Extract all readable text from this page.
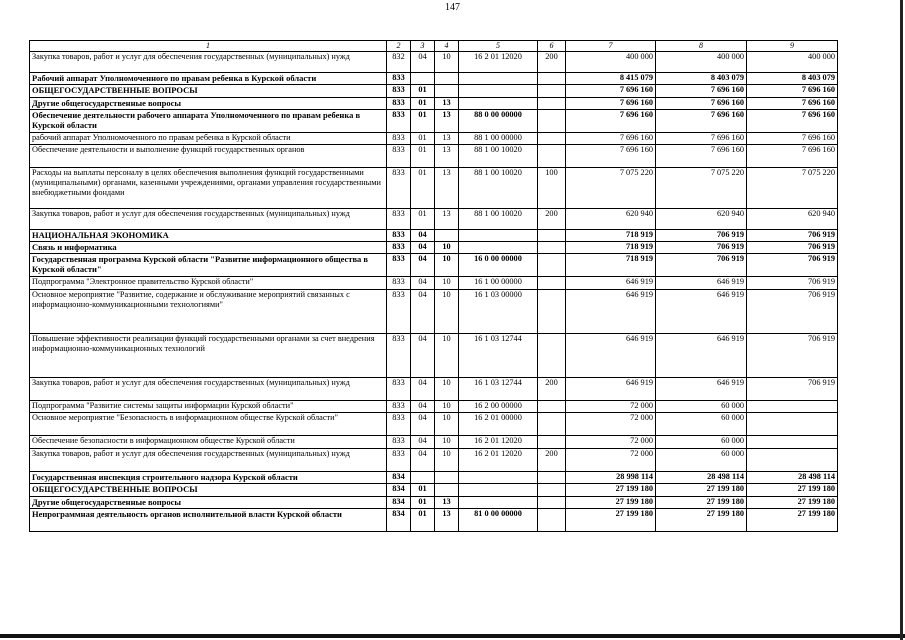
147
1	2	3	4	5	6	7	8	9
Закупка товаров, работ и услуг для обеспечения государственных (муниципальных) нужд	832	04	10	16 2 01 12020	200	400 000	400 000	400 000
Рабочий аппарат Уполномоченного по правам ребенка в Курской области	833					8 415 079	8 403 079	8 403 079
ОБЩЕГОСУДАРСТВЕННЫЕ ВОПРОСЫ	833	01				7 696 160	7 696 160	7 696 160
Другие общегосударственные вопросы	833	01	13			7 696 160	7 696 160	7 696 160
Обеспечение деятельности рабочего аппарата Уполномоченного по правам ребенка в Курской области	833	01	13	88 0 00 00000		7 696 160	7 696 160	7 696 160
рабочий аппарат Уполномоченного по правам ребенка в Курской области	833	01	13	88 1 00 00000		7 696 160	7 696 160	7 696 160
Обеспечение деятельности и выполнение функций государственных органов	833	01	13	88 1 00 10020		7 696 160	7 696 160	7 696 160
Расходы на выплаты персоналу в целях обеспечения выполнения функций государственными (муниципальными) органами, казенными учреждениями, органами управления государственными внебюджетными фондами	833	01	13	88 1 00 10020	100	7 075 220	7 075 220	7 075 220
Закупка товаров, работ и услуг для обеспечения государственных (муниципальных) нужд	833	01	13	88 1 00 10020	200	620 940	620 940	620 940
НАЦИОНАЛЬНАЯ ЭКОНОМИКА	833	04				718 919	706 919	706 919
Связь и информатика	833	04	10			718 919	706 919	706 919
Государственная программа Курской области "Развитие информационного общества в Курской области"	833	04	10	16 0 00 00000		718 919	706 919	706 919
Подпрограмма "Электронное правительство Курской области"	833	04	10	16 1 00 00000		646 919	646 919	706 919
Основное мероприятие "Развитие, содержание и обслуживание мероприятий связанных с информационно-коммуникационными технологиями"	833	04	10	16 1 03 00000		646 919	646 919	706 919
Повышение эффективности реализации функций государственными органами за счет внедрения информационно-коммуникационных технологий	833	04	10	16 1 03 12744		646 919	646 919	706 919
Закупка товаров, работ и услуг для обеспечения государственных (муниципальных) нужд	833	04	10	16 1 03 12744	200	646 919	646 919	706 919
Подпрограмма "Развитие системы защиты информации Курской области"	833	04	10	16 2 00 00000		72 000	60 000	
Основное мероприятие "Безопасность в информационном обществе Курской области"	833	04	10	16 2 01 00000		72 000	60 000	
Обеспечение безопасности в информационном обществе Курской области	833	04	10	16 2 01 12020		72 000	60 000	
Закупка товаров, работ и услуг для обеспечения государственных (муниципальных) нужд	833	04	10	16 2 01 12020	200	72 000	60 000	
Государственная инспекция строительного надзора Курской области	834					28 998 114	28 498 114	28 498 114
ОБЩЕГОСУДАРСТВЕННЫЕ ВОПРОСЫ	834	01				27 199 180	27 199 180	27 199 180
Другие общегосударственные вопросы	834	01	13			27 199 180	27 199 180	27 199 180
Непрограммная деятельность органов исполнительной власти Курской области	834	01	13	81 0 00 00000		27 199 180	27 199 180	27 199 180
